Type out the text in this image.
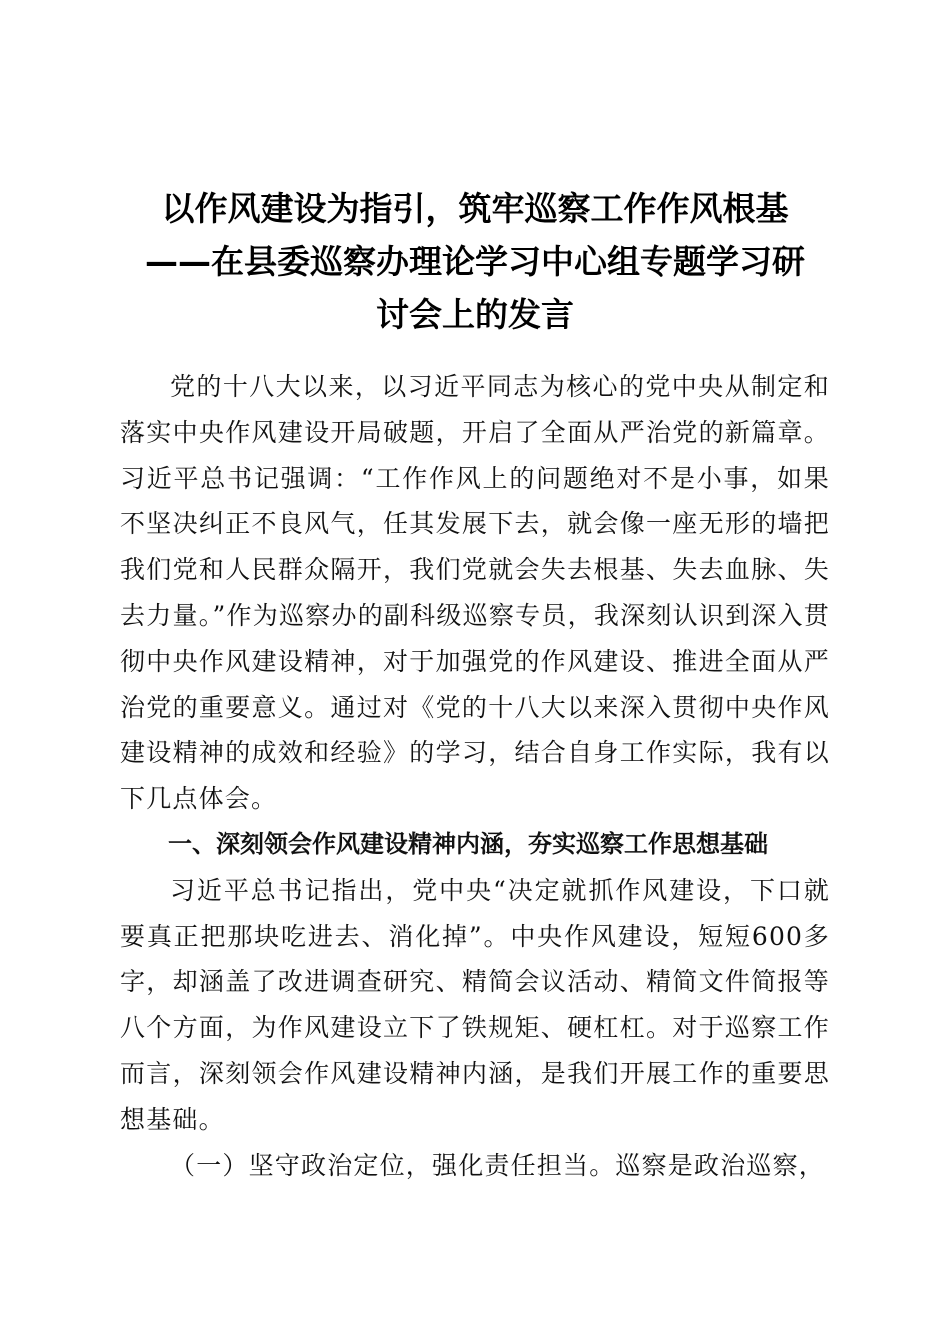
以作风建设为指引，筑牢巡察工作作风根基
——在县委巡察办理论学习中心组专题学习研
讨会上的发言

党的十八大以来，以习近平同志为核心的党中央从制定和落实中央作风建设开局破题，开启了全面从严治党的新篇章。习近平总书记强调：“工作作风上的问题绝对不是小事，如果不坚决纠正不良风气，任其发展下去，就会像一座无形的墙把我们党和人民群众隔开，我们党就会失去根基、失去血脉、失去力量。”作为巡察办的副科级巡察专员，我深刻认识到深入贯彻中央作风建设精神，对于加强党的作风建设、推进全面从严治党的重要意义。通过对《党的十八大以来深入贯彻中央作风建设精神的成效和经验》的学习，结合自身工作实际，我有以下几点体会。

一、深刻领会作风建设精神内涵，夯实巡察工作思想基础

习近平总书记指出，党中央“决定就抓作风建设，下口就要真正把那块吃进去、消化掉”。中央作风建设，短短600多字，却涵盖了改进调查研究、精简会议活动、精简文件简报等八个方面，为作风建设立下了铁规矩、硬杠杠。对于巡察工作而言，深刻领会作风建设精神内涵，是我们开展工作的重要思想基础。

（一）坚守政治定位，强化责任担当。巡察是政治巡察，
